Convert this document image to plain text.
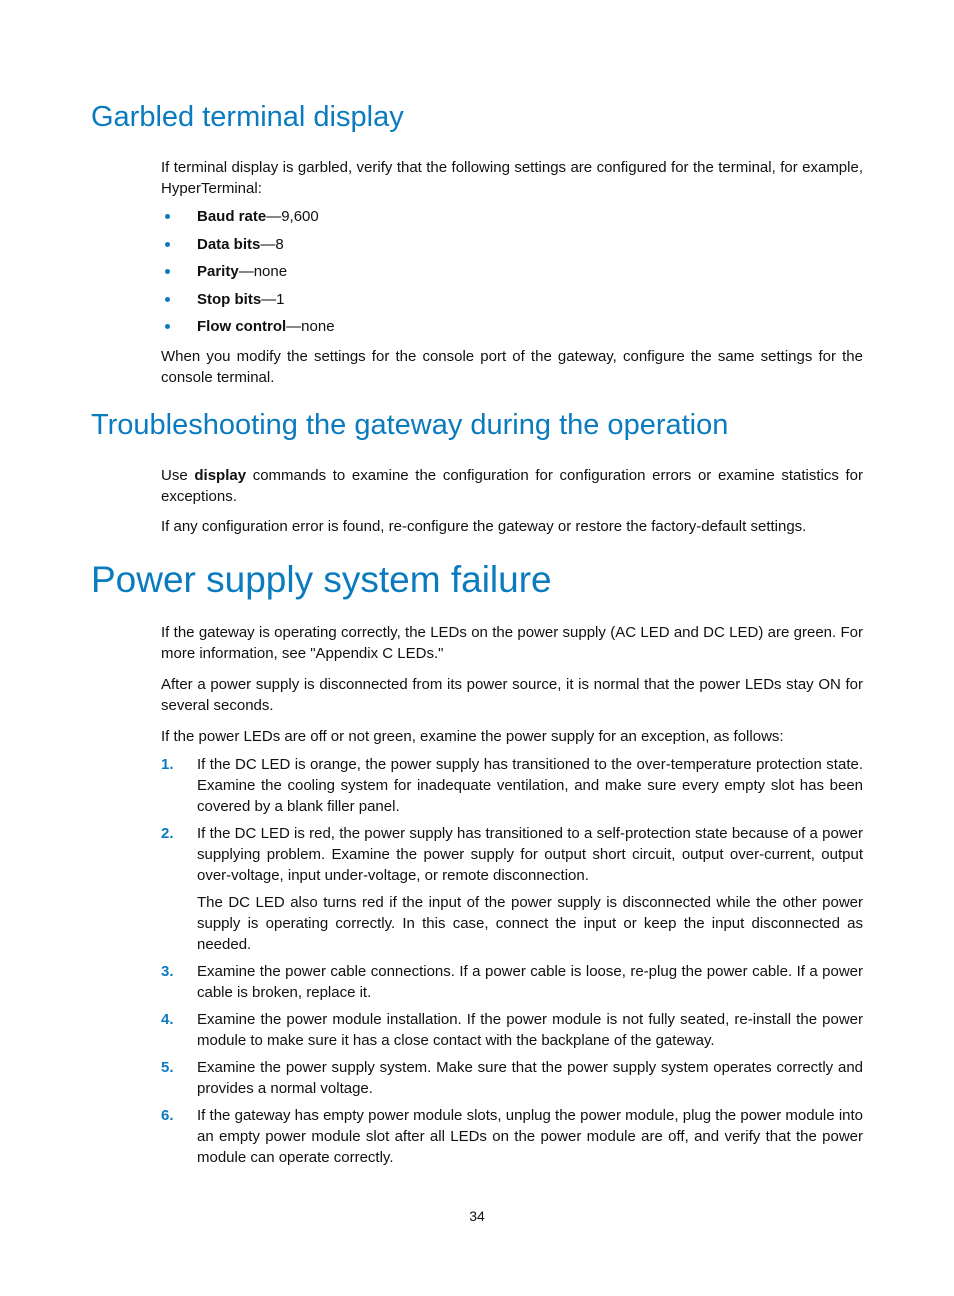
Garbled terminal display

If terminal display is garbled, verify that the following settings are configured for the terminal, for example, HyperTerminal:

Baud rate—9,600
Data bits—8
Parity—none
Stop bits—1
Flow control—none

When you modify the settings for the console port of the gateway, configure the same settings for the console terminal.

Troubleshooting the gateway during the operation

Use display commands to examine the configuration for configuration errors or examine statistics for exceptions.

If any configuration error is found, re-configure the gateway or restore the factory-default settings.

Power supply system failure

If the gateway is operating correctly, the LEDs on the power supply (AC LED and DC LED) are green. For more information, see "Appendix C LEDs."

After a power supply is disconnected from its power source, it is normal that the power LEDs stay ON for several seconds.

If the power LEDs are off or not green, examine the power supply for an exception, as follows:

1. If the DC LED is orange, the power supply has transitioned to the over-temperature protection state. Examine the cooling system for inadequate ventilation, and make sure every empty slot has been covered by a blank filler panel.
2. If the DC LED is red, the power supply has transitioned to a self-protection state because of a power supplying problem. Examine the power supply for output short circuit, output over-current, output over-voltage, input under-voltage, or remote disconnection.
The DC LED also turns red if the input of the power supply is disconnected while the other power supply is operating correctly. In this case, connect the input or keep the input disconnected as needed.
3. Examine the power cable connections. If a power cable is loose, re-plug the power cable. If a power cable is broken, replace it.
4. Examine the power module installation. If the power module is not fully seated, re-install the power module to make sure it has a close contact with the backplane of the gateway.
5. Examine the power supply system. Make sure that the power supply system operates correctly and provides a normal voltage.
6. If the gateway has empty power module slots, unplug the power module, plug the power module into an empty power module slot after all LEDs on the power module are off, and verify that the power module can operate correctly.
34
